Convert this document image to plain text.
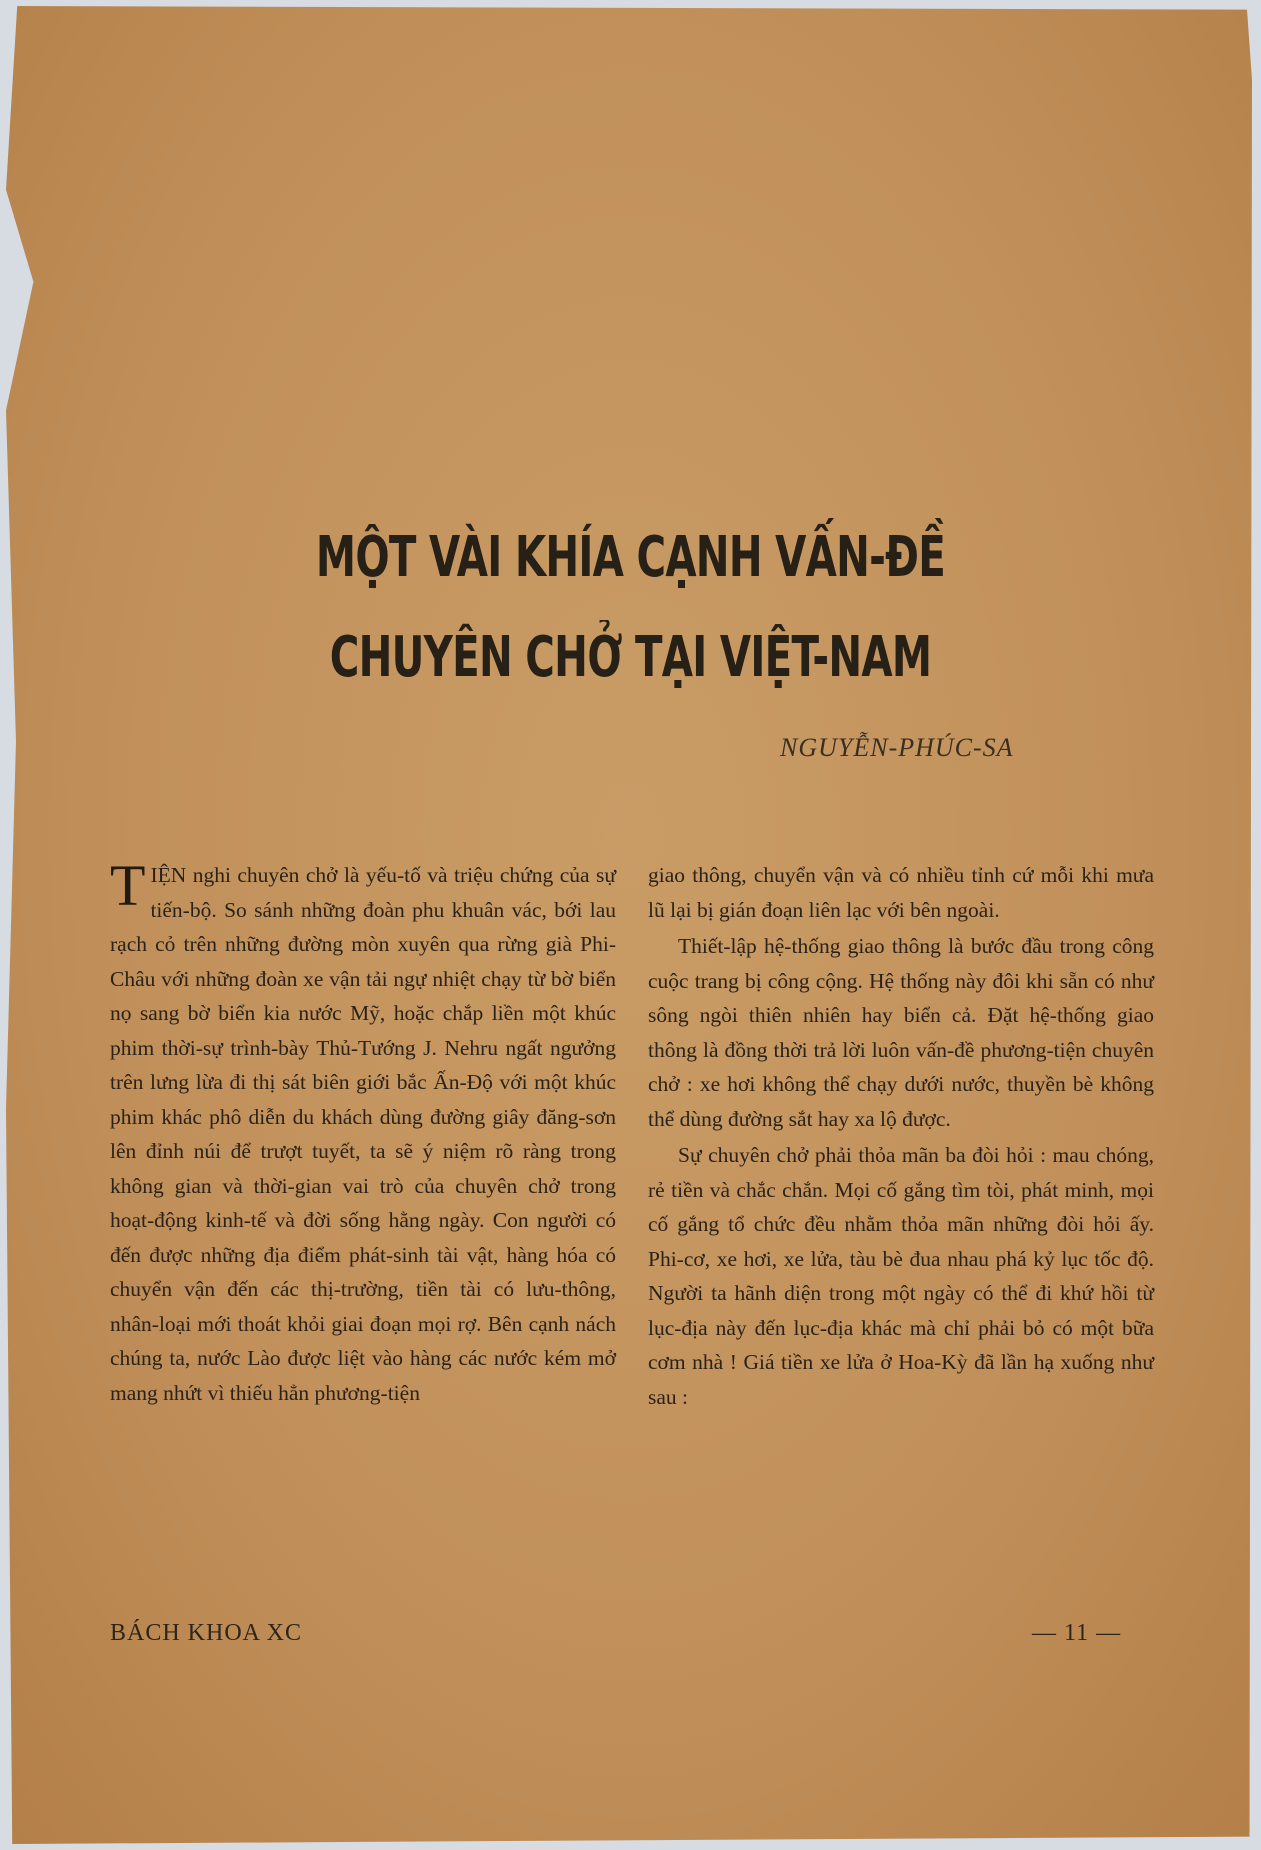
MỘT VÀI KHÍA CẠNH VẤN-ĐỀ
CHUYÊN CHỞ TẠI VIỆT-NAM
NGUYỄN-PHÚC-SA

TIỆN nghi chuyên chở là yếu-tố và triệu chứng của sự tiến-bộ. So sánh những đoàn phu khuân vác, bới lau rạch cỏ trên những đường mòn xuyên qua rừng già Phi-Châu với những đoàn xe vận tải ngự nhiệt chạy từ bờ biển nọ sang bờ biển kia nước Mỹ, hoặc chắp liền một khúc phim thời-sự trình-bày Thủ-Tướng J. Nehru ngất ngưởng trên lưng lừa đi thị sát biên giới bắc Ấn-Độ với một khúc phim khác phô diễn du khách dùng đường giây đăng-sơn lên đỉnh núi để trượt tuyết, ta sẽ ý niệm rõ ràng trong không gian và thời-gian vai trò của chuyên chở trong hoạt-động kinh-tế và đời sống hằng ngày. Con người có đến được những địa điểm phát-sinh tài vật, hàng hóa có chuyển vận đến các thị-trường, tiền tài có lưu-thông, nhân-loại mới thoát khỏi giai đoạn mọi rợ. Bên cạnh nách chúng ta, nước Lào được liệt vào hàng các nước kém mở mang nhứt vì thiếu hẳn phương-tiện

giao thông, chuyển vận và có nhiều tỉnh cứ mỗi khi mưa lũ lại bị gián đoạn liên lạc với bên ngoài.

Thiết-lập hệ-thống giao thông là bước đầu trong công cuộc trang bị công cộng. Hệ thống này đôi khi sẵn có như sông ngòi thiên nhiên hay biển cả. Đặt hệ-thống giao thông là đồng thời trả lời luôn vấn-đề phương-tiện chuyên chở : xe hơi không thể chạy dưới nước, thuyền bè không thể dùng đường sắt hay xa lộ được.

Sự chuyên chở phải thỏa mãn ba đòi hỏi : mau chóng, rẻ tiền và chắc chắn. Mọi cố gắng tìm tòi, phát minh, mọi cố gắng tổ chức đều nhằm thỏa mãn những đòi hỏi ấy. Phi-cơ, xe hơi, xe lửa, tàu bè đua nhau phá kỷ lục tốc độ. Người ta hãnh diện trong một ngày có thể đi khứ hồi từ lục-địa này đến lục-địa khác mà chỉ phải bỏ có một bữa cơm nhà ! Giá tiền xe lửa ở Hoa-Kỳ đã lần hạ xuống như sau :

BÁCH KHOA XC	— 11 —
